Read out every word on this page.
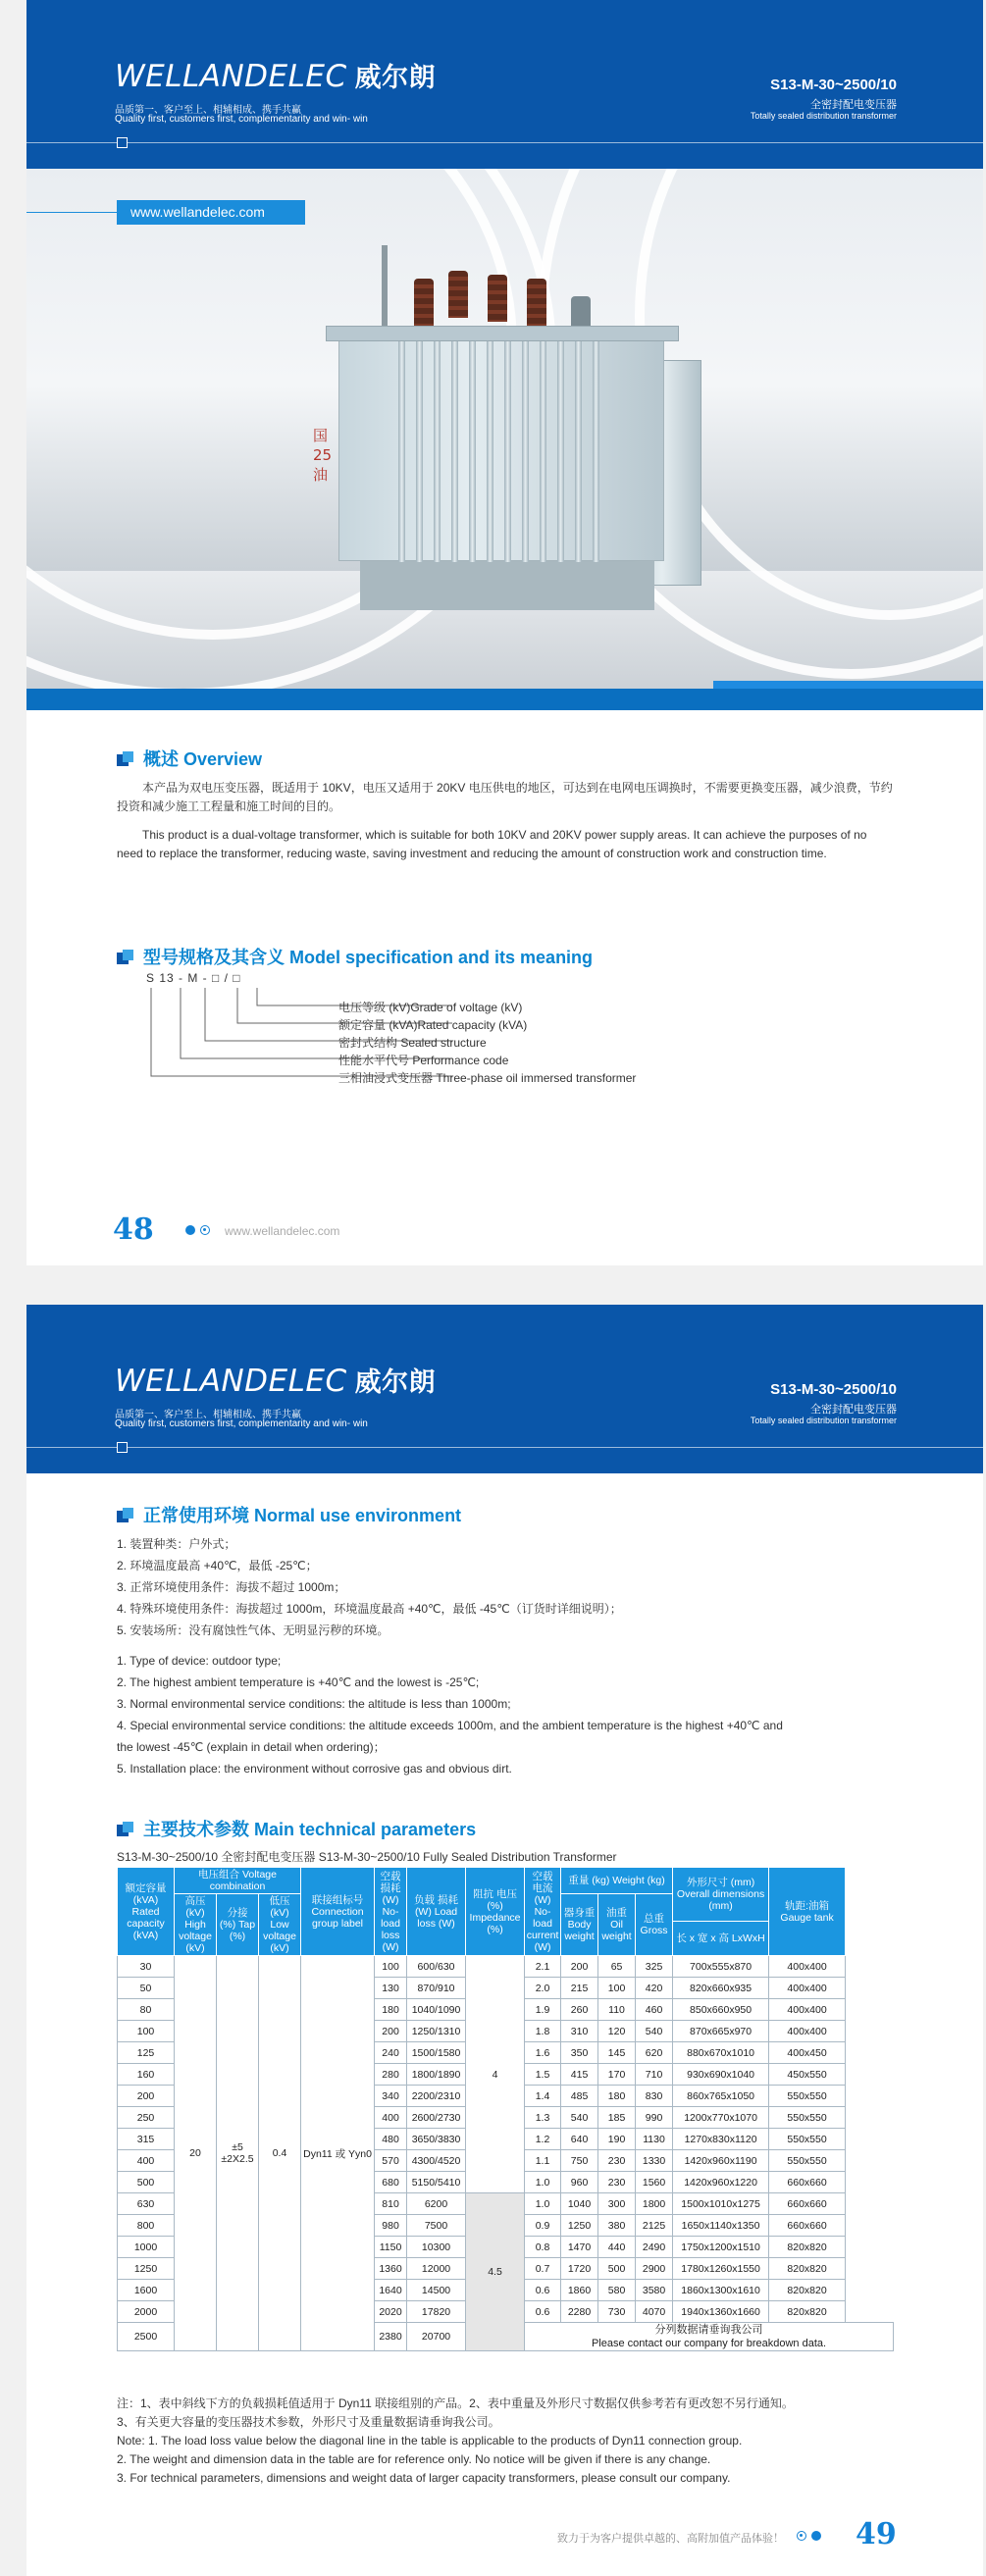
WELLANDELEC 威尔朗
品质第一、客户至上、相辅相成、携手共赢
Quality first, customers first, complementarity and win- win
S13-M-30~2500/10
全密封配电变压器
Totally sealed distribution transformer
www.wellandelec.com
国
25
油
概述 Overview
本产品为双电压变压器，既适用于 10KV，电压又适用于 20KV 电压供电的地区，可达到在电网电压调换时，不需要更换变压器，减少浪费，节约投资和减少施工工程量和施工时间的目的。
This product is a dual-voltage transformer, which is suitable for both 10KV and 20KV power supply areas. It can achieve the purposes of no need to replace the transformer, reducing waste, saving investment and reducing the amount of construction work and construction time.
型号规格及其含义 Model specification and its meaning
S 13 - M - □ / □
电压等级 (kV)Grade of voltage (kV)
额定容量 (kVA)Rated capacity (kVA)
密封式结构 Sealed structure
性能水平代号 Performance code
三相油浸式变压器 Three-phase oil immersed transformer
48	www.wellandelec.com
WELLANDELEC 威尔朗
品质第一、客户至上、相辅相成、携手共赢
Quality first, customers first, complementarity and win- win
S13-M-30~2500/10
全密封配电变压器
Totally sealed distribution transformer
正常使用环境 Normal use environment
1. 装置种类：户外式；
2. 环境温度最高 +40℃，最低 -25℃；
3. 正常环境使用条件：海拔不超过 1000m；
4. 特殊环境使用条件：海拔超过 1000m，环境温度最高 +40℃，最低 -45℃（订货时详细说明）；
5. 安装场所：没有腐蚀性气体、无明显污秽的环境。
1. Type of device: outdoor type;
2. The highest ambient temperature is +40℃ and the lowest is -25℃;
3. Normal environmental service conditions: the altitude is less than 1000m;
4. Special environmental service conditions: the altitude exceeds 1000m, and the ambient temperature is the highest +40℃ and
the lowest -45℃ (explain in detail when ordering)；
5. Installation place: the environment without corrosive gas and obvious dirt.
主要技术参数 Main technical parameters
S13-M-30~2500/10 全密封配电变压器 S13-M-30~2500/10 Fully Sealed Distribution Transformer
额定容量 (kVA) Rated capacity (kVA)	电压组合 Voltage combination			联接组标号 Connection group label	空载 损耗 (W) No-load loss (W)	负载 损耗 (W) Load loss (W)	阻抗 电压 (%) Impedance (%)	空载 电流 (W) No-load current (W)	重量 (kg) Weight (kg)			外形尺寸 (mm) Overall dimensions (mm)	轨距:油箱 Gauge tank
	高压 (kV) High voltage (kV)	分接 (%) Tap (%)	低压 (kV) Low voltage (kV)						器身重 Body weight	油重 Oil weight	总重 Gross		
												长 x 宽 x 高 LxWxH	
30	20	±5 ±2X2.5	0.4	Dyn11 或 Yyn0	100	600/630	4	2.1	200	65	325	700x555x870	400x400
50					130	870/910		2.0	215	100	420	820x660x935	400x400
80					180	1040/1090		1.9	260	110	460	850x660x950	400x400
100					200	1250/1310		1.8	310	120	540	870x665x970	400x400
125					240	1500/1580		1.6	350	145	620	880x670x1010	400x450
160					280	1800/1890		1.5	415	170	710	930x690x1040	450x550
200					340	2200/2310		1.4	485	180	830	860x765x1050	550x550
250					400	2600/2730		1.3	540	185	990	1200x770x1070	550x550
315					480	3650/3830		1.2	640	190	1130	1270x830x1120	550x550
400					570	4300/4520		1.1	750	230	1330	1420x960x1190	550x550
500					680	5150/5410		1.0	960	230	1560	1420x960x1220	660x660
630					810	6200	4.5	1.0	1040	300	1800	1500x1010x1275	660x660
800					980	7500		0.9	1250	380	2125	1650x1140x1350	660x660
1000					1150	10300		0.8	1470	440	2490	1750x1200x1510	820x820
1250					1360	12000		0.7	1720	500	2900	1780x1260x1550	820x820
1600					1640	14500		0.6	1860	580	3580	1860x1300x1610	820x820
2000					2020	17820		0.6	2280	730	4070	1940x1360x1660	820x820
2500					2380	20700		分列数据请垂询我公司
Please contact our company for breakdown data.					
注：1、表中斜线下方的负载损耗值适用于 Dyn11 联接组别的产品。2、表中重量及外形尺寸数据仅供参考若有更改恕不另行通知。
3、有关更大容量的变压器技术参数，外形尺寸及重量数据请垂询我公司。
Note: 1. The load loss value below the diagonal line in the table is applicable to the products of Dyn11 connection group.
2. The weight and dimension data in the table are for reference only. No notice will be given if there is any change.
3. For technical parameters, dimensions and weight data of larger capacity transformers, please consult our company.
致力于为客户提供卓越的、高附加值产品体验！ 49
